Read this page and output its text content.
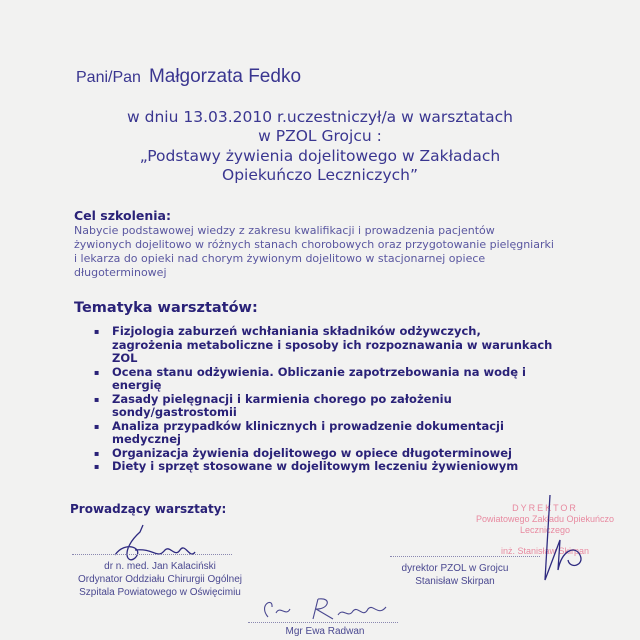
Pani/Pan Małgorzata Fedko
w dniu 13.03.2010 r.uczestniczył/a w warsztatach
w PZOL Grojcu :
„Podstawy żywienia dojelitowego w Zakładach
Opiekuńczo Leczniczych”
Cel szkolenia:
Nabycie podstawowej wiedzy z zakresu kwalifikacji i prowadzenia pacjentów żywionych dojelitowo w różnych stanach chorobowych oraz przygotowanie pielęgniarki i lekarza do opieki nad chorym żywionym dojelitowo w stacjonarnej opiece długoterminowej
Tematyka warsztatów:
▪ Fizjologia zaburzeń wchłaniania składników odżywczych, zagrożenia metaboliczne i sposoby ich rozpoznawania w warunkach ZOL
▪ Ocena stanu odżywienia. Obliczanie zapotrzebowania na wodę i energię
▪ Zasady pielęgnacji i karmienia chorego po założeniu sondy/gastrostomii
▪ Analiza przypadków klinicznych i prowadzenie dokumentacji medycznej
▪ Organizacja żywienia dojelitowego w opiece długoterminowej
▪ Diety i sprzęt stosowane w dojelitowym leczeniu żywieniowym
Prowadzący warsztaty:
dr n. med. Jan Kalaciński
Ordynator Oddziału Chirurgii Ogólnej
Szpitala Powiatowego w Oświęcimiu
DYREKTOR
Powiatowego Zakładu Opiekuńczo
Leczniczego
inż. Stanisław Skirpan
dyrektor PZOL w Grojcu
Stanisław Skirpan
Mgr Ewa Radwan
